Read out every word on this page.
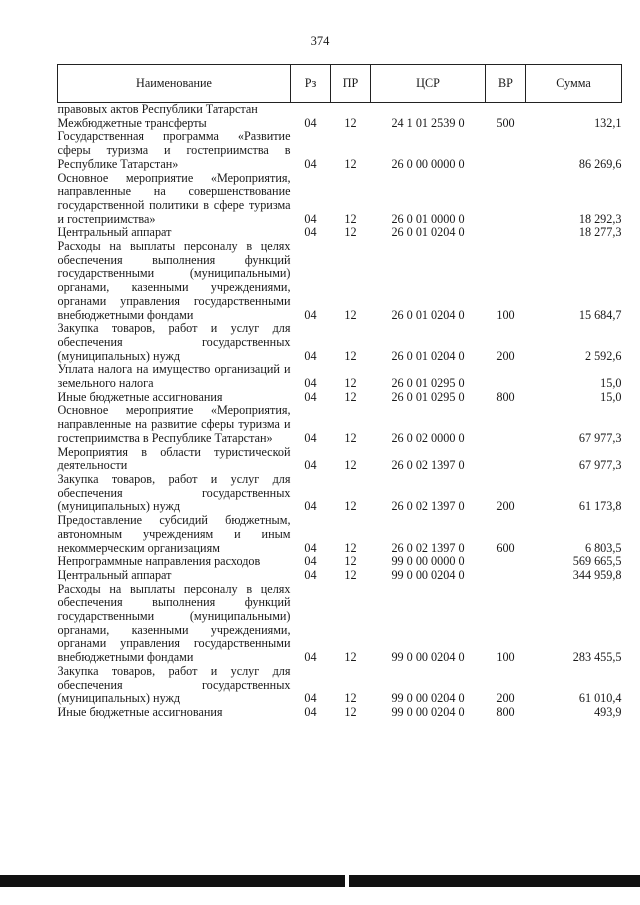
374
Наименование	Рз	ПР	ЦСР	ВР	Сумма
правовых актов Республики Татарстан					
Межбюджетные трансферты	04	12	24 1 01 2539 0	500	132,1
Государственная программа «Развитие сферы туризма и гостеприимства в Республике Татарстан»	04	12	26 0 00 0000 0		86 269,6
Основное мероприятие «Мероприятия, направленные на совершенствование государственной политики в сфере туризма и гостеприимства»	04	12	26 0 01 0000 0		18 292,3
Центральный аппарат	04	12	26 0 01 0204 0		18 277,3
Расходы на выплаты персоналу в целях обеспечения выполнения функций государственными (муниципальными) органами, казенными учреждениями, органами управления государственными внебюджетными фондами	04	12	26 0 01 0204 0	100	15 684,7
Закупка товаров, работ и услуг для обеспечения государственных (муниципальных) нужд	04	12	26 0 01 0204 0	200	2 592,6
Уплата налога на имущество организаций и земельного налога	04	12	26 0 01 0295 0		15,0
Иные бюджетные ассигнования	04	12	26 0 01 0295 0	800	15,0
Основное мероприятие «Мероприятия, направленные на развитие сферы туризма и гостеприимства в Республике Татарстан»	04	12	26 0 02 0000 0		67 977,3
Мероприятия в области туристической деятельности	04	12	26 0 02 1397 0		67 977,3
Закупка товаров, работ и услуг для обеспечения государственных (муниципальных) нужд	04	12	26 0 02 1397 0	200	61 173,8
Предоставление субсидий бюджетным, автономным учреждениям и иным некоммерческим организациям	04	12	26 0 02 1397 0	600	6 803,5
Непрограммные направления расходов	04	12	99 0 00 0000 0		569 665,5
Центральный аппарат	04	12	99 0 00 0204 0		344 959,8
Расходы на выплаты персоналу в целях обеспечения выполнения функций государственными (муниципальными) органами, казенными учреждениями, органами управления государственными внебюджетными фондами	04	12	99 0 00 0204 0	100	283 455,5
Закупка товаров, работ и услуг для обеспечения государственных (муниципальных) нужд	04	12	99 0 00 0204 0	200	61 010,4
Иные бюджетные ассигнования	04	12	99 0 00 0204 0	800	493,9
